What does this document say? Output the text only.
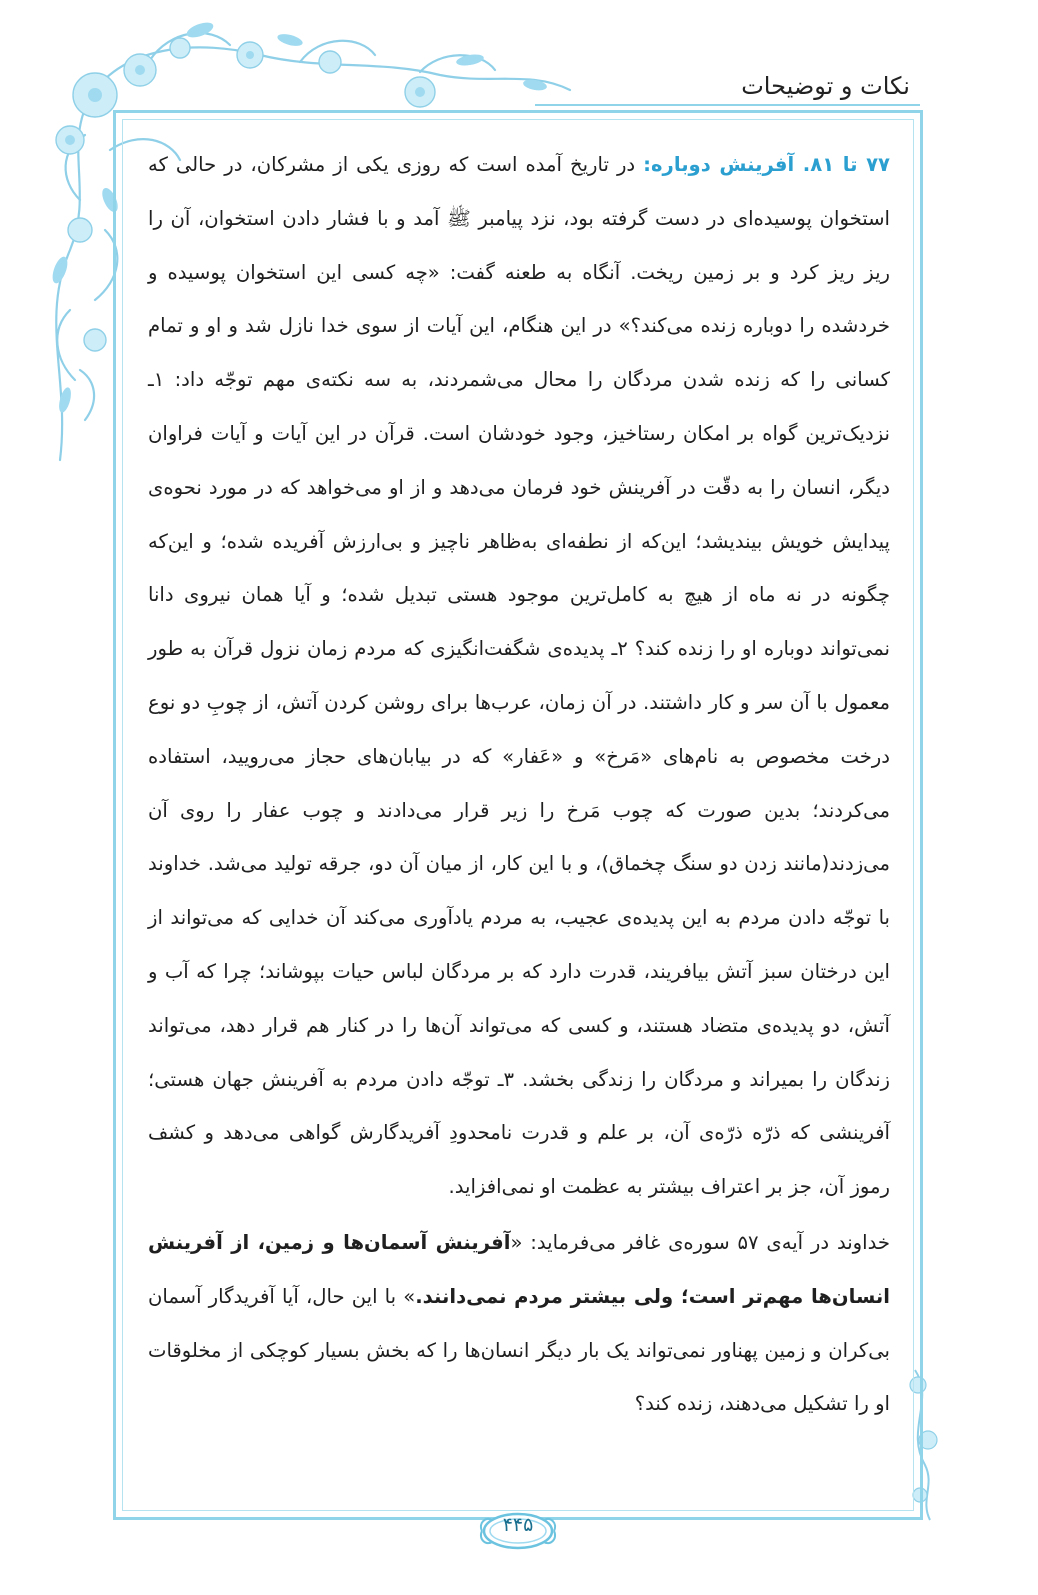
نکات و توضیحات

۷۷ تا ۸۱. آفرینش دوباره: در تاریخ آمده است که روزی یکی از مشرکان، در حالی که استخوان پوسیده‌ای در دست گرفته بود، نزد پیامبر ﷺ آمد و با فشار دادن استخوان، آن را ریز ریز کرد و بر زمین ریخت. آنگاه به طعنه گفت: «چه کسی این استخوان پوسیده و خردشده را دوباره زنده می‌کند؟» در این هنگام، این آیات از سوی خدا نازل شد و او و تمام کسانی را که زنده شدن مردگان را محال می‌شمردند، به سه نکته‌ی مهم توجّه داد: ۱ـ نزدیک‌ترین گواه بر امکان رستاخیز، وجود خودشان است. قرآن در این آیات و آیات فراوان دیگر، انسان را به دقّت در آفرینش خود فرمان می‌دهد و از او می‌خواهد که در مورد نحوه‌ی پیدایش خویش بیندیشد؛ این‌که از نطفه‌ای به‌ظاهر ناچیز و بی‌ارزش آفریده شده؛ و این‌که چگونه در نه ماه از هیچ به کامل‌ترین موجود هستی تبدیل شده؛ و آیا همان نیروی دانا نمی‌تواند دوباره او را زنده کند؟ ۲ـ پدیده‌ی شگفت‌انگیزی که مردم زمان نزول قرآن به طور معمول با آن سر و کار داشتند. در آن زمان، عرب‌ها برای روشن کردن آتش، از چوبِ دو نوع درخت مخصوص به نام‌های «مَرخ» و «عَفار» که در بیابان‌های حجاز می‌رویید، استفاده می‌کردند؛ بدین صورت که چوب مَرخ را زیر قرار می‌دادند و چوب عفار را روی آن می‌زدند(مانند زدن دو سنگ چخماق)، و با این کار، از میان آن دو، جرقه تولید می‌شد. خداوند با توجّه دادن مردم به این پدیده‌ی عجیب، به مردم یادآوری می‌کند آن خدایی که می‌تواند از این درختان سبز آتش بیافریند، قدرت دارد که بر مردگان لباس حیات بپوشاند؛ چرا که آب و آتش، دو پدیده‌ی متضاد هستند، و کسی که می‌تواند آن‌ها را در کنار هم قرار دهد، می‌تواند زندگان را بمیراند و مردگان را زندگی بخشد. ۳ـ توجّه دادن مردم به آفرینش جهان هستی؛ آفرینشی که ذرّه ذرّه‌ی آن، بر علم و قدرت نامحدودِ آفریدگارش گواهی می‌دهد و کشف رموز آن، جز بر اعتراف بیشتر به عظمت او نمی‌افزاید.

خداوند در آیه‌ی ۵۷ سوره‌ی غافر می‌فرماید: «آفرینش آسمان‌ها و زمین، از آفرینش انسان‌ها مهم‌تر است؛ ولی بیشتر مردم نمی‌دانند.» با این حال، آیا آفریدگار آسمان بی‌کران و زمین پهناور نمی‌تواند یک بار دیگر انسان‌ها را که بخش بسیار کوچکی از مخلوقات او را تشکیل می‌دهند، زنده کند؟

۴۴۵
